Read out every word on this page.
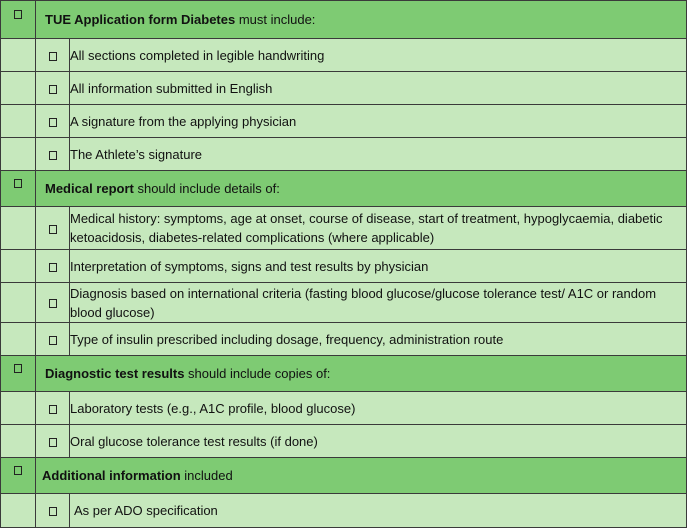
	TUE Application form Diabetes must include:	
		All sections completed in legible handwriting
		All information submitted in English
		A signature from the applying physician
		The Athlete’s signature
	Medical report should include details of:	
		Medical history: symptoms, age at onset, course of disease, start of treatment, hypoglycaemia, diabetic ketoacidosis, diabetes-related complications (where applicable)
		Interpretation of symptoms, signs and test results by physician
		Diagnosis based on international criteria (fasting blood glucose/glucose tolerance test/ A1C or random blood glucose)
		Type of insulin prescribed including dosage, frequency, administration route
	Diagnostic test results should include copies of:	
		Laboratory tests (e.g., A1C profile, blood glucose)
		Oral glucose tolerance test results (if done)
	Additional information included	
		As per ADO specification
